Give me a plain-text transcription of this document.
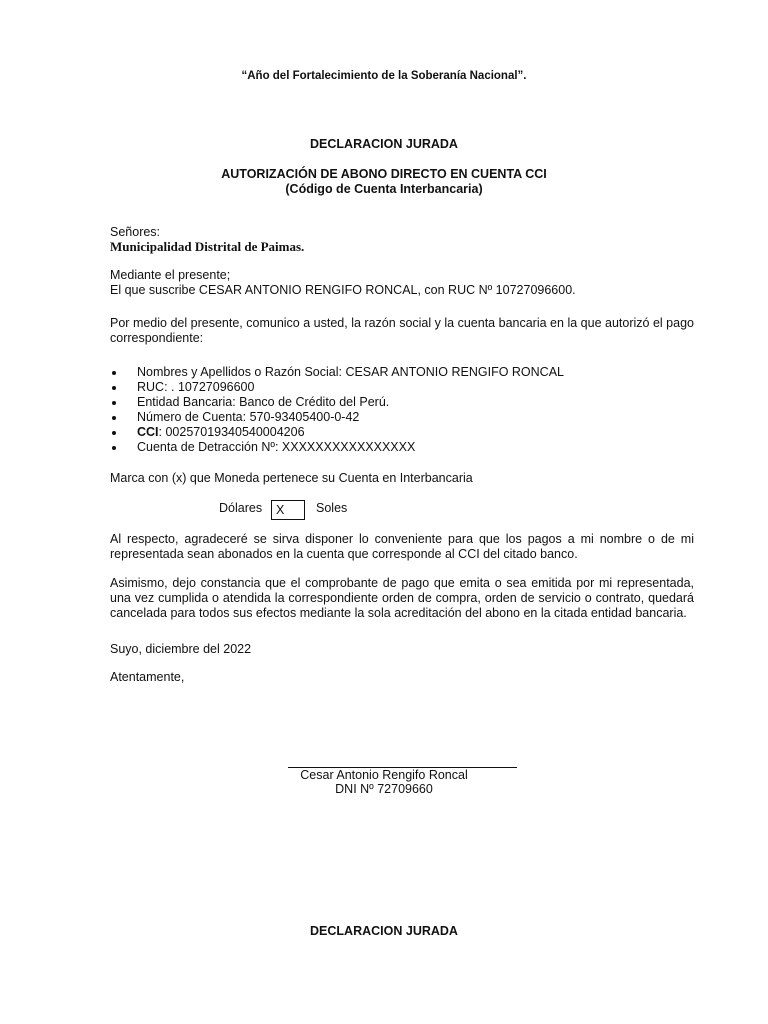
“Año del Fortalecimiento de la Soberanía Nacional”.
DECLARACION JURADA
AUTORIZACIÓN DE ABONO DIRECTO EN CUENTA CCI
(Código de Cuenta Interbancaria)
Señores:
Municipalidad Distrital de Paimas.
Mediante el presente;
El que suscribe CESAR ANTONIO RENGIFO RONCAL, con RUC Nº 10727096600.
Por medio del presente, comunico a usted, la razón social y la cuenta bancaria en la que autorizó el pago correspondiente:
Nombres y Apellidos o Razón Social: CESAR ANTONIO RENGIFO RONCAL
RUC: . 10727096600
Entidad Bancaria: Banco de Crédito del Perú.
Número de Cuenta: 570-93405400-0-42
CCI: 00257019340540004206
Cuenta de Detracción Nº: XXXXXXXXXXXXXXXX
Marca con (x) que Moneda pertenece su Cuenta en Interbancaria
Dólares	X	Soles
Al respecto, agradeceré se sirva disponer lo conveniente para que los pagos a mi nombre o de mi representada sean abonados en la cuenta que corresponde al CCI del citado banco.
Asimismo, dejo constancia que el comprobante de pago que emita o sea emitida por mi representada, una vez cumplida o atendida la correspondiente orden de compra, orden de servicio o contrato, quedará cancelada para todos sus efectos mediante la sola acreditación del abono en la citada entidad bancaria.
Suyo, diciembre del 2022
Atentamente,
Cesar Antonio Rengifo Roncal
DNI Nº 72709660
DECLARACION JURADA
